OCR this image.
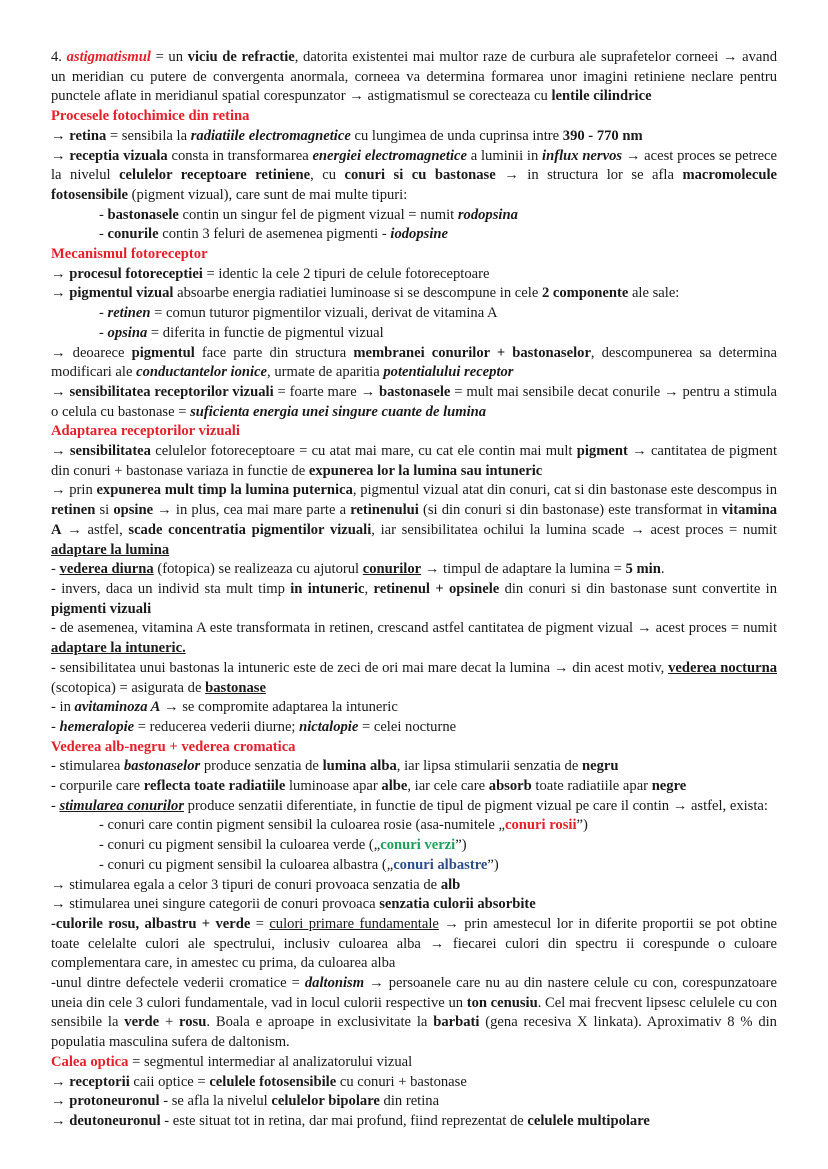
4. astigmatismul = un viciu de refractie, datorita existentei mai multor raze de curbura ale suprafetelor corneei → avand un meridian cu putere de convergenta anormala, corneea va determina formarea unor imagini retiniene neclare pentru punctele aflate in meridianul spatial corespunzator → astigmatismul se corecteaza cu lentile cilindrice

Procesele fotochimice din retina

→ retina = sensibila la radiatiile electromagnetice cu lungimea de unda cuprinsa intre 390 - 770 nm

→ receptia vizuala consta in transformarea energiei electromagnetice a luminii in influx nervos → acest proces se petrece la nivelul celulelor receptoare retiniene, cu conuri si cu bastonase → in structura lor se afla macromolecule fotosensibile (pigment vizual), care sunt de mai multe tipuri:

- bastonasele contin un singur fel de pigment vizual = numit rodopsina

- conurile contin 3 feluri de asemenea pigmenti - iodopsine

Mecanismul fotoreceptor

→ procesul fotoreceptiei = identic la cele 2 tipuri de celule fotoreceptoare

→ pigmentul vizual absoarbe energia radiatiei luminoase si se descompune in cele 2 componente ale sale:

- retinen = comun tuturor pigmentilor vizuali, derivat de vitamina A

- opsina = diferita in functie de pigmentul vizual

→ deoarece pigmentul face parte din structura membranei conurilor + bastonaselor, descompunerea sa determina modificari ale conductantelor ionice, urmate de aparitia potentialului receptor

→ sensibilitatea receptorilor vizuali = foarte mare → bastonasele = mult mai sensibile decat conurile → pentru a stimula o celula cu bastonase = suficienta energia unei singure cuante de lumina

Adaptarea receptorilor vizuali

→ sensibilitatea celulelor fotoreceptoare = cu atat mai mare, cu cat ele contin mai mult pigment → cantitatea de pigment din conuri + bastonase variaza in functie de expunerea lor la lumina sau intuneric

→ prin expunerea mult timp la lumina puternica, pigmentul vizual atat din conuri, cat si din bastonase este descompus in retinen si opsine → in plus, cea mai mare parte a retinenului (si din conuri si din bastonase) este transformat in vitamina A → astfel, scade concentratia pigmentilor vizuali, iar sensibilitatea ochilui la lumina scade → acest proces = numit adaptare la lumina

- vederea diurna (fotopica) se realizeaza cu ajutorul conurilor → timpul de adaptare la lumina = 5 min.

- invers, daca un individ sta mult timp in intuneric, retinenul + opsinele din conuri si din bastonase sunt convertite in pigmenti vizuali

- de asemenea, vitamina A este transformata in retinen, crescand astfel cantitatea de pigment vizual → acest proces = numit adaptare la intuneric.

- sensibilitatea unui bastonas la intuneric este de zeci de ori mai mare decat la lumina → din acest motiv, vederea nocturna (scotopica) = asigurata de bastonase

- in avitaminoza A → se compromite adaptarea la intuneric

- hemeralopie = reducerea vederii diurne; nictalopie = celei nocturne

Vederea alb-negru + vederea cromatica

- stimularea bastonaselor produce senzatia de lumina alba, iar lipsa stimularii senzatia de negru

- corpurile care reflecta toate radiatiile luminoase apar albe, iar cele care absorb toate radiatiile apar negre

- stimularea conurilor produce senzatii diferentiate, in functie de tipul de pigment vizual pe care il contin → astfel, exista:

- conuri care contin pigment sensibil la culoarea rosie (asa-numitele „conuri rosii”)

- conuri cu pigment sensibil la culoarea verde („conuri verzi”)

- conuri cu pigment sensibil la culoarea albastra („conuri albastre”)

→ stimularea egala a celor 3 tipuri de conuri provoaca senzatia de alb

→ stimularea unei singure categorii de conuri provoaca senzatia culorii absorbite

-culorile rosu, albastru + verde = culori primare fundamentale → prin amestecul lor in diferite proportii se pot obtine toate celelalte culori ale spectrului, inclusiv culoarea alba → fiecarei culori din spectru ii corespunde o culoare complementara care, in amestec cu prima, da culoarea alba

-unul dintre defectele vederii cromatice = daltonism → persoanele care nu au din nastere celule cu con, corespunzatoare uneia din cele 3 culori fundamentale, vad in locul culorii respective un ton cenusiu. Cel mai frecvent lipsesc celulele cu con sensibile la verde + rosu. Boala e aproape in exclusivitate la barbati (gena recesiva X linkata). Aproximativ 8 % din populatia masculina sufera de daltonism.

Calea optica = segmentul intermediar al analizatorului vizual

→ receptorii caii optice = celulele fotosensibile cu conuri + bastonase

→ protoneuronul - se afla la nivelul celulelor bipolare din retina

→ deutoneuronul - este situat tot in retina, dar mai profund, fiind reprezentat de celulele multipolare
